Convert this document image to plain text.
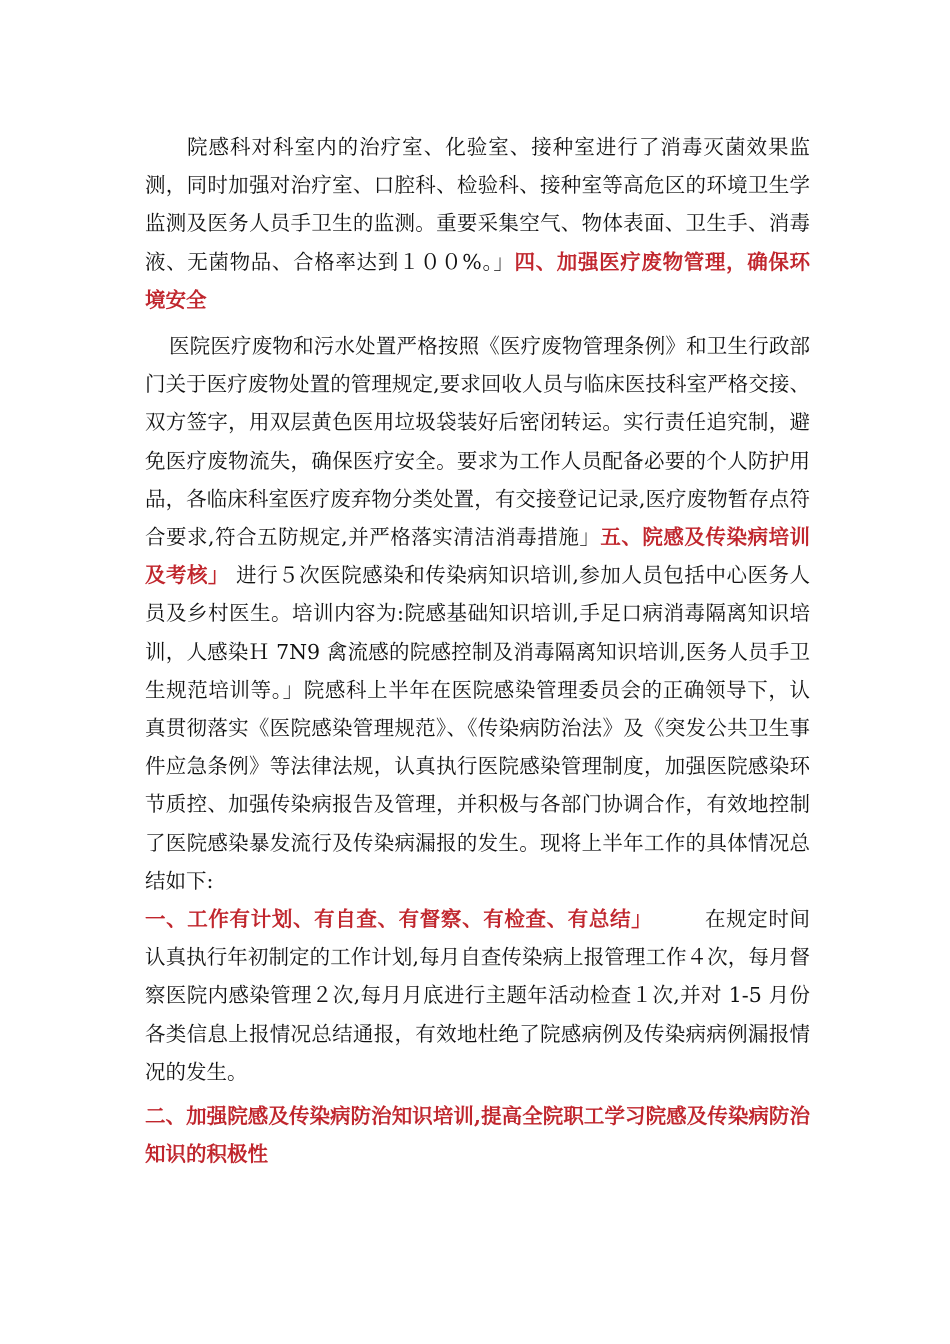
院感科对科室内的治疗室、化验室、接种室进行了消毒灭菌效果监测，同时加强对治疗室、口腔科、检验科、接种室等高危区的环境卫生学监测及医务人员手卫生的监测。重要采集空气、物体表面、卫生手、消毒液、无菌物品、合格率达到１００%。」四、加强医疗废物管理，确保环境安全

医院医疗废物和污水处置严格按照《医疗废物管理条例》和卫生行政部门关于医疗废物处置的管理规定,要求回收人员与临床医技科室严格交接、双方签字，用双层黄色医用垃圾袋装好后密闭转运。实行责任追究制，避免医疗废物流失，确保医疗安全。要求为工作人员配备必要的个人防护用品，各临床科室医疗废弃物分类处置，有交接登记记录,医疗废物暂存点符合要求,符合五防规定,并严格落实清洁消毒措施」五、院感及传染病培训及考核」 进行５次医院感染和传染病知识培训,参加人员包括中心医务人员及乡村医生。培训内容为:院感基础知识培训,手足口病消毒隔离知识培训，人感染Ｈ 7N9 禽流感的院感控制及消毒隔离知识培训,医务人员手卫生规范培训等。」院感科上半年在医院感染管理委员会的正确领导下，认真贯彻落实《医院感染管理规范》、《传染病防治法》及《突发公共卫生事件应急条例》等法律法规，认真执行医院感染管理制度，加强医院感染环节质控、加强传染病报告及管理，并积极与各部门协调合作，有效地控制了医院感染暴发流行及传染病漏报的发生。现将上半年工作的具体情况总结如下:

一、工作有计划、有自查、有督察、有检查、有总结」	在规定时间认真执行年初制定的工作计划,每月自查传染病上报管理工作４次，每月督察医院内感染管理２次,每月月底进行主题年活动检查１次,并对 1-5 月份各类信息上报情况总结通报，有效地杜绝了院感病例及传染病病例漏报情况的发生。

二、加强院感及传染病防治知识培训,提高全院职工学习院感及传染病防治知识的积极性
